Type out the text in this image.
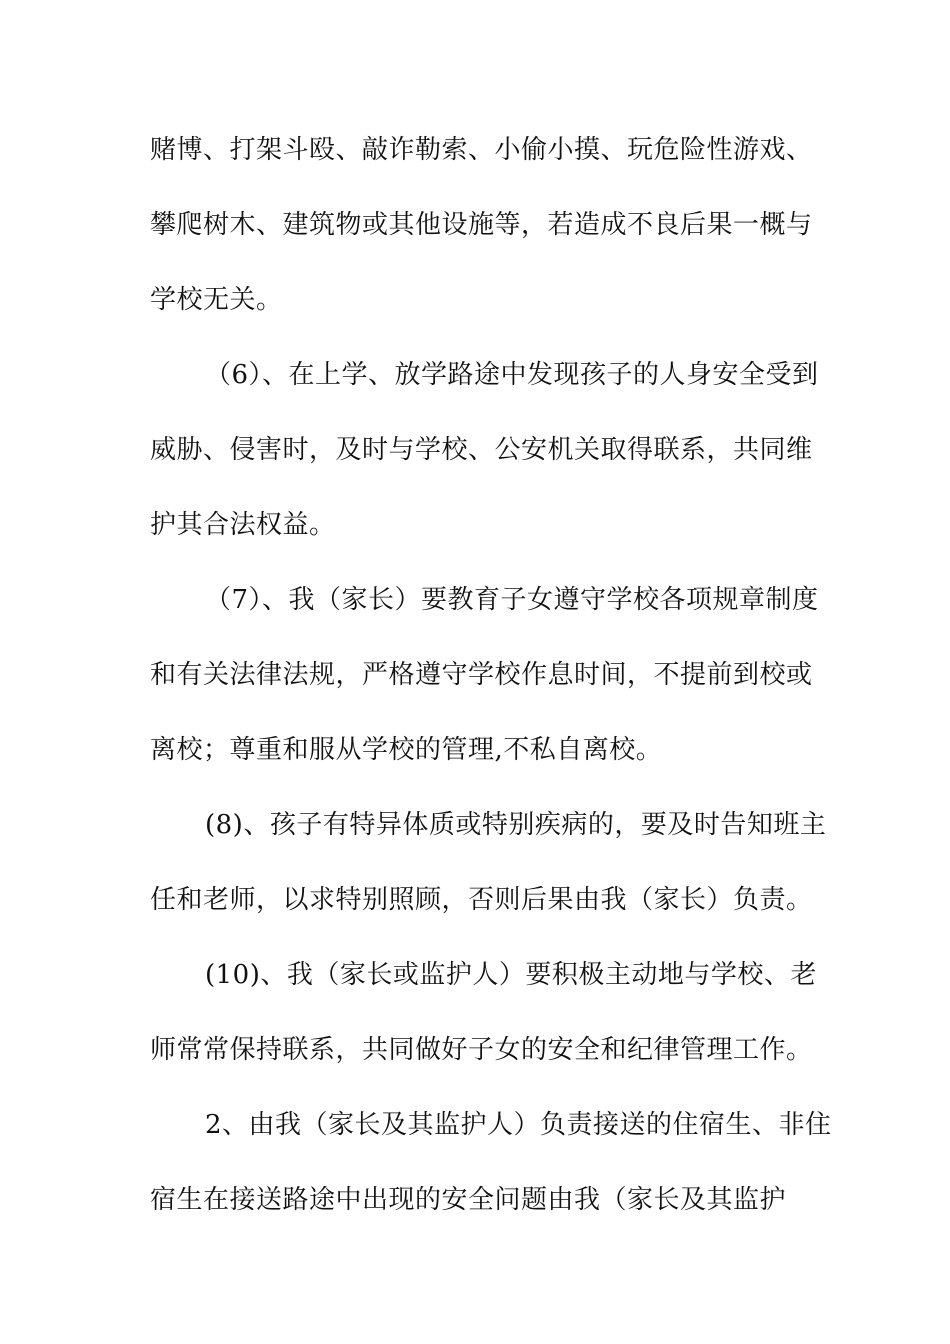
赌博、打架斗殴、敲诈勒索、小偷小摸、玩危险性游戏、
攀爬树木、建筑物或其他设施等，若造成不良后果一概与
学校无关。
（6）、在上学、放学路途中发现孩子的人身安全受到
威胁、侵害时，及时与学校、公安机关取得联系，共同维
护其合法权益。
（7）、我（家长）要教育子女遵守学校各项规章制度
和有关法律法规，严格遵守学校作息时间，不提前到校或
离校；尊重和服从学校的管理,不私自离校。
(8)、孩子有特异体质或特别疾病的，要及时告知班主
任和老师，以求特别照顾，否则后果由我（家长）负责。
(10)、我（家长或监护人）要积极主动地与学校、老
师常常保持联系，共同做好子女的安全和纪律管理工作。
2、由我（家长及其监护人）负责接送的住宿生、非住
宿生在接送路途中出现的安全问题由我（家长及其监护
